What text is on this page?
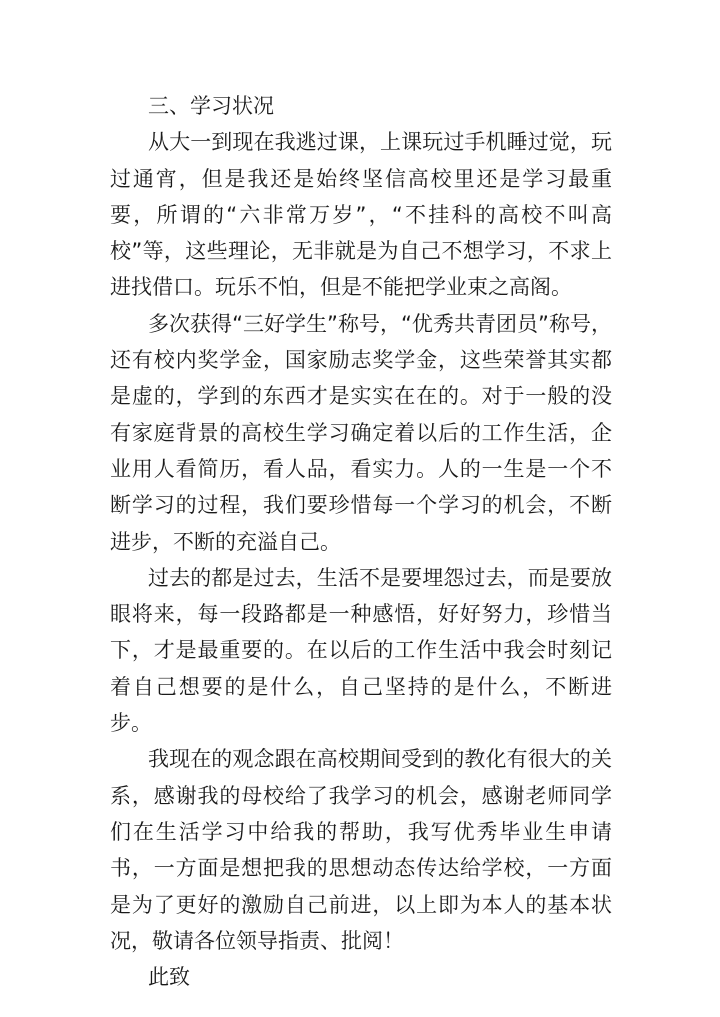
三、学习状况

从大一到现在我逃过课，上课玩过手机睡过觉，玩过通宵，但是我还是始终坚信高校里还是学习最重要，所谓的“六非常万岁”，“不挂科的高校不叫高校”等，这些理论，无非就是为自己不想学习，不求上进找借口。玩乐不怕，但是不能把学业束之高阁。

多次获得“三好学生”称号，“优秀共青团员”称号，还有校内奖学金，国家励志奖学金，这些荣誉其实都是虚的，学到的东西才是实实在在的。对于一般的没有家庭背景的高校生学习确定着以后的工作生活，企业用人看简历，看人品，看实力。人的一生是一个不断学习的过程，我们要珍惜每一个学习的机会，不断进步，不断的充溢自己。

过去的都是过去，生活不是要埋怨过去，而是要放眼将来，每一段路都是一种感悟，好好努力，珍惜当下，才是最重要的。在以后的工作生活中我会时刻记着自己想要的是什么，自己坚持的是什么，不断进步。

我现在的观念跟在高校期间受到的教化有很大的关系，感谢我的母校给了我学习的机会，感谢老师同学们在生活学习中给我的帮助，我写优秀毕业生申请书，一方面是想把我的思想动态传达给学校，一方面是为了更好的激励自己前进，以上即为本人的基本状况，敬请各位领导指责、批阅！

此致
